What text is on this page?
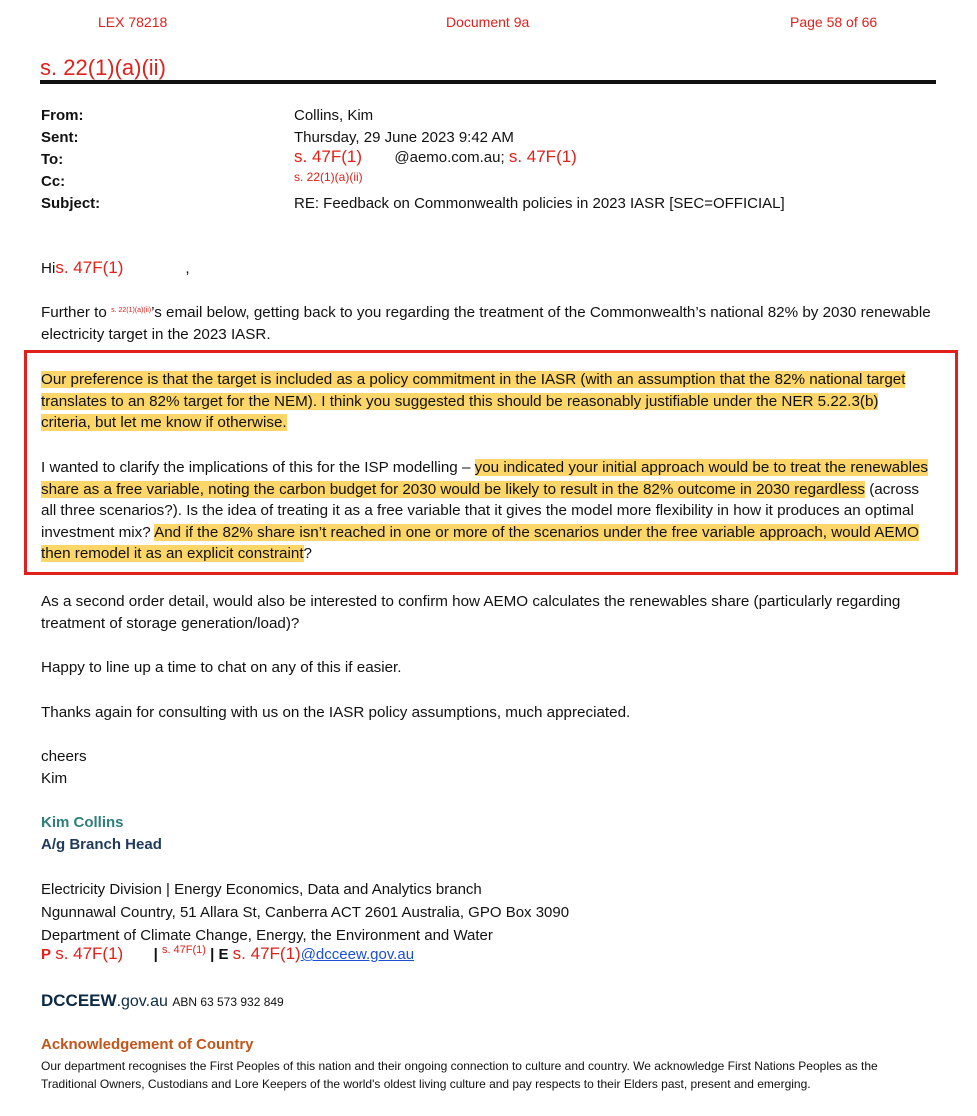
LEX 78218	Document 9a	Page 58 of 66
s. 22(1)(a)(ii)
From:	Collins, Kim
Sent:	Thursday, 29 June 2023 9:42 AM
To:	s. 47F(1) @aemo.com.au; s. 47F(1)
Cc:	s. 22(1)(a)(ii)
Subject:	RE: Feedback on Commonwealth policies in 2023 IASR [SEC=OFFICIAL]
His. 47F(1)	,
Further to $^{s. 22(1)(a)(ii)}$’s email below, getting back to you regarding the treatment of the Commonwealth’s national 82% by 2030 renewable electricity target in the 2023 IASR.
Our preference is that the target is included as a policy commitment in the IASR (with an assumption that the 82% national target translates to an 82% target for the NEM). I think you suggested this should be reasonably justifiable under the NER 5.22.3(b) criteria, but let me know if otherwise.
I wanted to clarify the implications of this for the ISP modelling – you indicated your initial approach would be to treat the renewables share as a free variable, noting the carbon budget for 2030 would be likely to result in the 82% outcome in 2030 regardless (across all three scenarios?). Is the idea of treating it as a free variable that it gives the model more flexibility in how it produces an optimal investment mix? And if the 82% share isn’t reached in one or more of the scenarios under the free variable approach, would AEMO then remodel it as an explicit constraint?
As a second order detail, would also be interested to confirm how AEMO calculates the renewables share (particularly regarding treatment of storage generation/load)?
Happy to line up a time to chat on any of this if easier.
Thanks again for consulting with us on the IASR policy assumptions, much appreciated.
cheers
Kim
Kim Collins
A/g Branch Head
Electricity Division | Energy Economics, Data and Analytics branch
Ngunnawal Country, 51 Allara St, Canberra ACT 2601 Australia, GPO Box 3090
Department of Climate Change, Energy, the Environment and Water
P s. 47F(1) | $^{s. 47F(1)}$ | E s. 47F(1)@dcceew.gov.au
DCCEEW.gov.au ABN 63 573 932 849
Acknowledgement of Country
Our department recognises the First Peoples of this nation and their ongoing connection to culture and country. We acknowledge First Nations Peoples as the Traditional Owners, Custodians and Lore Keepers of the world's oldest living culture and pay respects to their Elders past, present and emerging.
